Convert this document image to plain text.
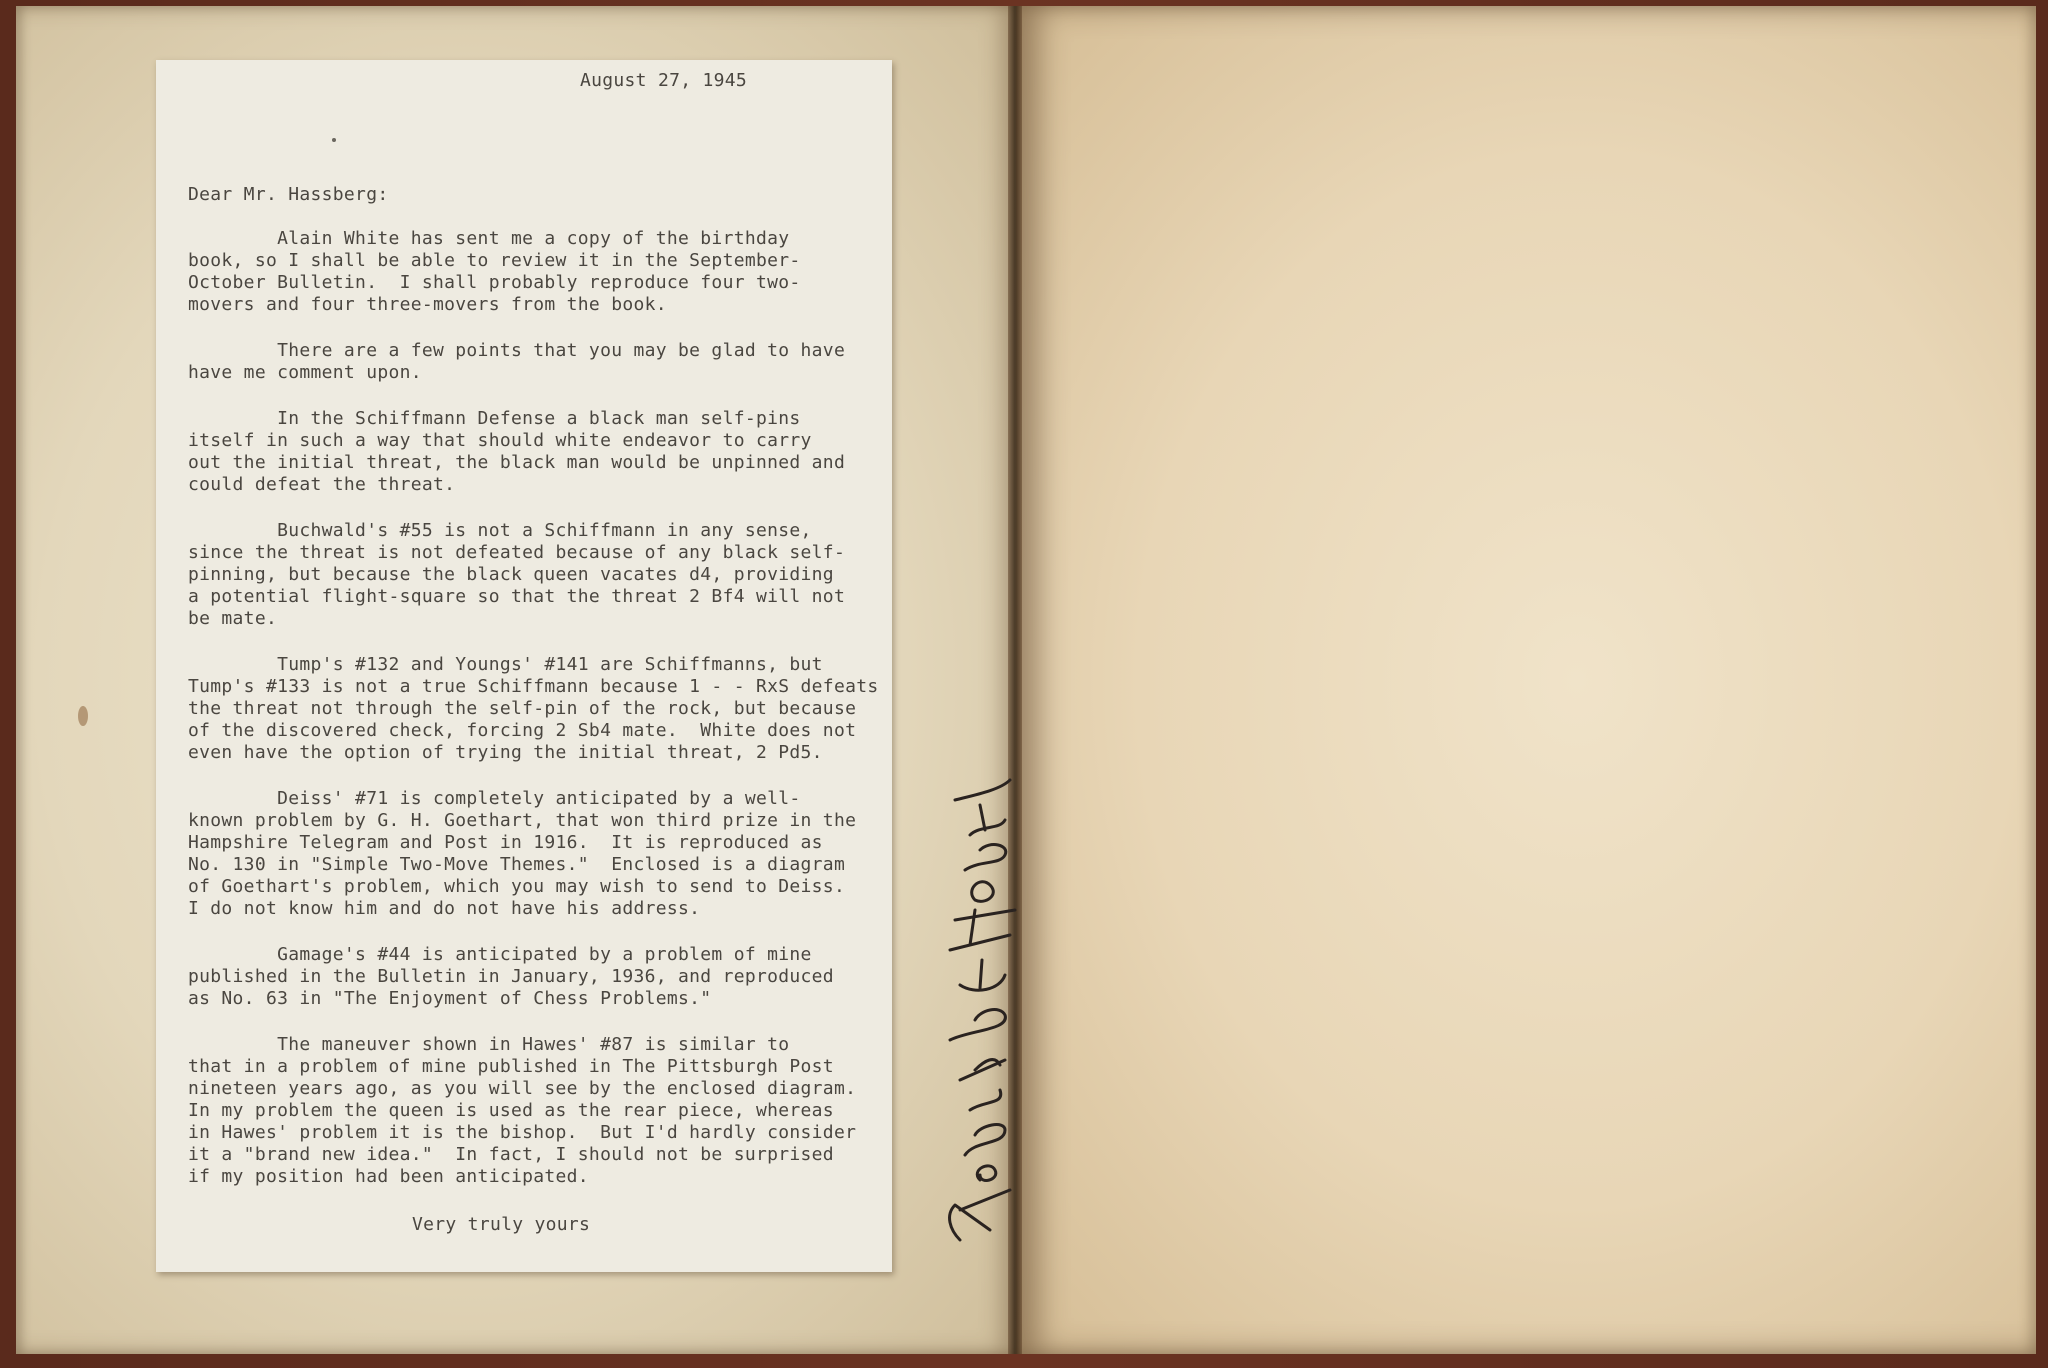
August 27, 1945
Dear Mr. Hassberg:
Alain White has sent me a copy of the birthday
book, so I shall be able to review it in the September-
October Bulletin.  I shall probably reproduce four two-
movers and four three-movers from the book.
There are a few points that you may be glad to have
have me comment upon.
In the Schiffmann Defense a black man self-pins
itself in such a way that should white endeavor to carry
out the initial threat, the black man would be unpinned and
could defeat the threat.
Buchwald's #55 is not a Schiffmann in any sense,
since the threat is not defeated because of any black self-
pinning, but because the black queen vacates d4, providing
a potential flight-square so that the threat 2 Bf4 will not
be mate.
Tump's #132 and Youngs' #141 are Schiffmanns, but
Tump's #133 is not a true Schiffmann because 1 - - RxS defeats
the threat not through the self-pin of the rock, but because
of the discovered check, forcing 2 Sb4 mate.  White does not
even have the option of trying the initial threat, 2 Pd5.
Deiss' #71 is completely anticipated by a well-
known problem by G. H. Goethart, that won third prize in the
Hampshire Telegram and Post in 1916.  It is reproduced as
No. 130 in "Simple Two-Move Themes."  Enclosed is a diagram
of Goethart's problem, which you may wish to send to Deiss.
I do not know him and do not have his address.
Gamage's #44 is anticipated by a problem of mine
published in the Bulletin in January, 1936, and reproduced
as No. 63 in "The Enjoyment of Chess Problems."
The maneuver shown in Hawes' #87 is similar to
that in a problem of mine published in The Pittsburgh Post
nineteen years ago, as you will see by the enclosed diagram.
In my problem the queen is used as the rear piece, whereas
in Hawes' problem it is the bishop.  But I'd hardly consider
it a "brand new idea."  In fact, I should not be surprised
if my position had been anticipated.
Very truly yours
